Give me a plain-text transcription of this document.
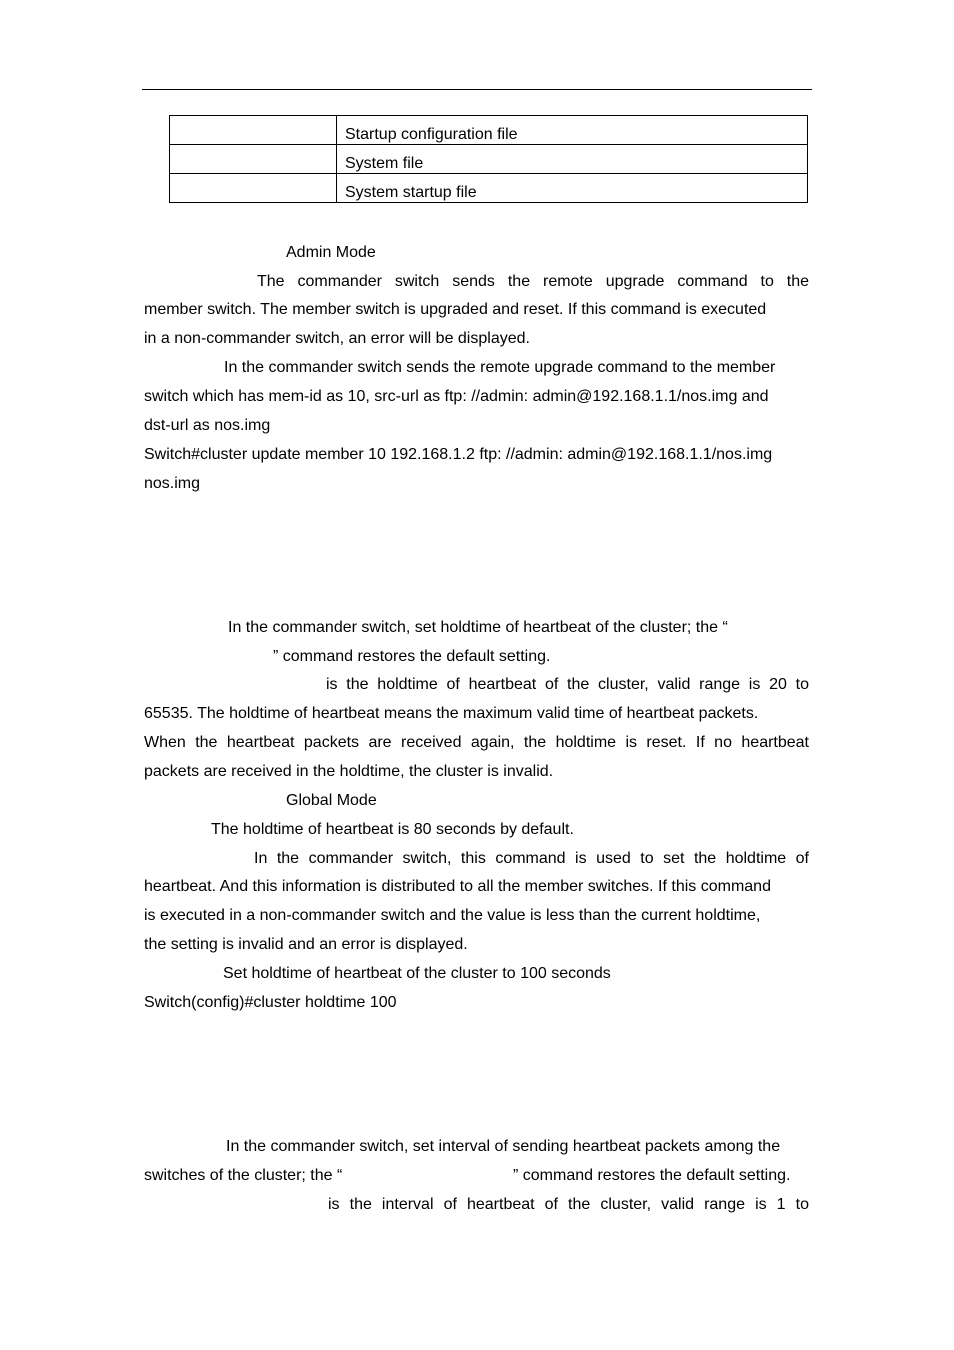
	Startup configuration file
	System file
	System startup file
Admin Mode
The commander switch sends the remote upgrade command to the
member switch. The member switch is upgraded and reset. If this command is executed
in a non-commander switch, an error will be displayed.
In the commander switch sends the remote upgrade command to the member
switch which has mem-id as 10, src-url as ftp: //admin: admin@192.168.1.1/nos.img and
dst-url as nos.img
Switch#cluster update member 10 192.168.1.2 ftp: //admin: admin@192.168.1.1/nos.img
nos.img
In the commander switch, set holdtime of heartbeat of the cluster; the “
” command restores the default setting.
is the holdtime of heartbeat of the cluster, valid range is 20 to
65535. The holdtime of heartbeat means the maximum valid time of heartbeat packets.
When the heartbeat packets are received again, the holdtime is reset. If no heartbeat
packets are received in the holdtime, the cluster is invalid.
Global Mode
The holdtime of heartbeat is 80 seconds by default.
In the commander switch, this command is used to set the holdtime of
heartbeat. And this information is distributed to all the member switches. If this command
is executed in a non-commander switch and the value is less than the current holdtime,
the setting is invalid and an error is displayed.
Set holdtime of heartbeat of the cluster to 100 seconds
Switch(config)#cluster holdtime 100
In the commander switch, set interval of sending heartbeat packets among the
switches of the cluster; the “	” command restores the default setting.
is the interval of heartbeat of the cluster, valid range is 1 to
